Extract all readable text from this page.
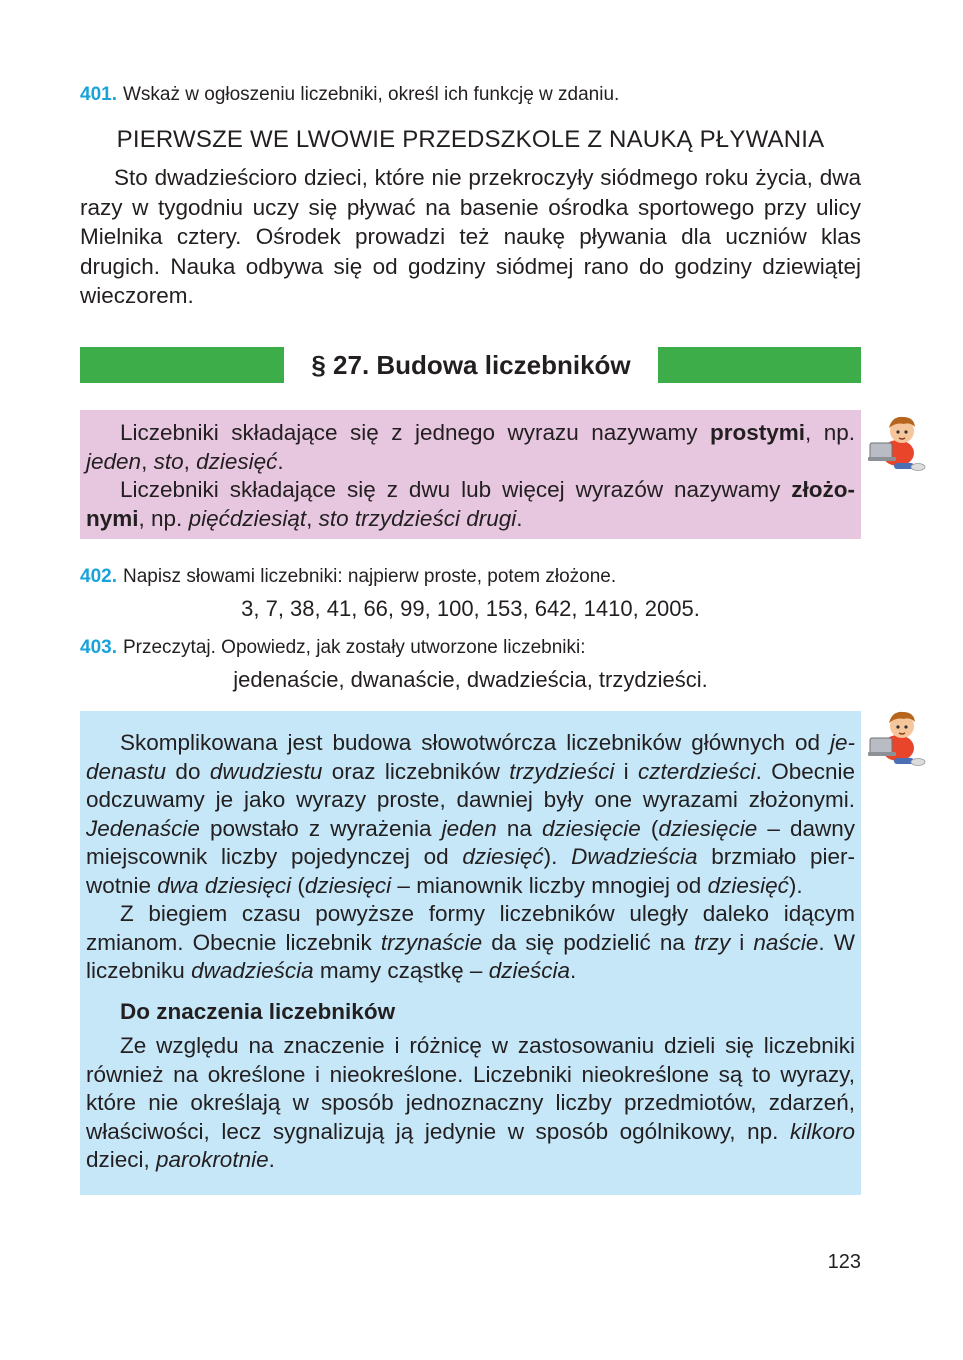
401. Wskaż w ogłoszeniu liczebniki, określ ich funkcję w zdaniu.
PIERWSZE WE LWOWIE PRZEDSZKOLE Z NAUKĄ PŁYWANIA
Sto dwadzieścioro dzieci, które nie przekroczyły siódmego roku życia, dwa razy w tygodniu uczy się pływać na basenie ośrodka sportowego przy ulicy Mielnika cztery. Ośrodek prowadzi też naukę pływania dla uczniów klas drugich. Nauka odbywa się od godziny siódmej rano do godziny dziewiątej wieczorem.
§ 27. Budowa liczebników

Liczebniki składające się z jednego wyrazu nazywamy prostymi, np. jeden, sto, dziesięć.

Liczebniki składające się z dwu lub więcej wyrazów nazywamy złożo-nymi, np. pięćdziesiąt, sto trzydzieści drugi.

402. Napisz słowami liczebniki: najpierw proste, potem złożone.
3, 7, 38, 41, 66, 99, 100, 153, 642, 1410, 2005.
403. Przeczytaj. Opowiedz, jak zostały utworzone liczebniki:
jedenaście, dwanaście, dwadzieścia, trzydzieści.

Skomplikowana jest budowa słowotwórcza liczebników głównych od je-denastu do dwudziestu oraz liczebników trzydzieści i czterdzieści. Obecnie odczuwamy je jako wyrazy proste, dawniej były one wyrazami złożonymi. Jedenaście powstało z wyrażenia jeden na dziesięcie (dziesięcie – dawny miejscownik liczby pojedynczej od dziesięć). Dwadzieścia brzmiało pier-wotnie dwa dziesięci (dziesięci – mianownik liczby mnogiej od dziesięć).

Z biegiem czasu powyższe formy liczebników uległy daleko idącym zmianom. Obecnie liczebnik trzynaście da się podzielić na trzy i naście. W liczebniku dwadzieścia mamy cząstkę – dzieścia.

Do znaczenia liczebników

Ze względu na znaczenie i różnicę w zastosowaniu dzieli się liczebniki również na określone i nieokreślone. Liczebniki nieokreślone są to wyrazy, które nie określają w sposób jednoznaczny liczby przedmiotów, zdarzeń, właściwości, lecz sygnalizują ją jedynie w sposób ogólnikowy, np. kilkoro dzieci, parokrotnie.

123
